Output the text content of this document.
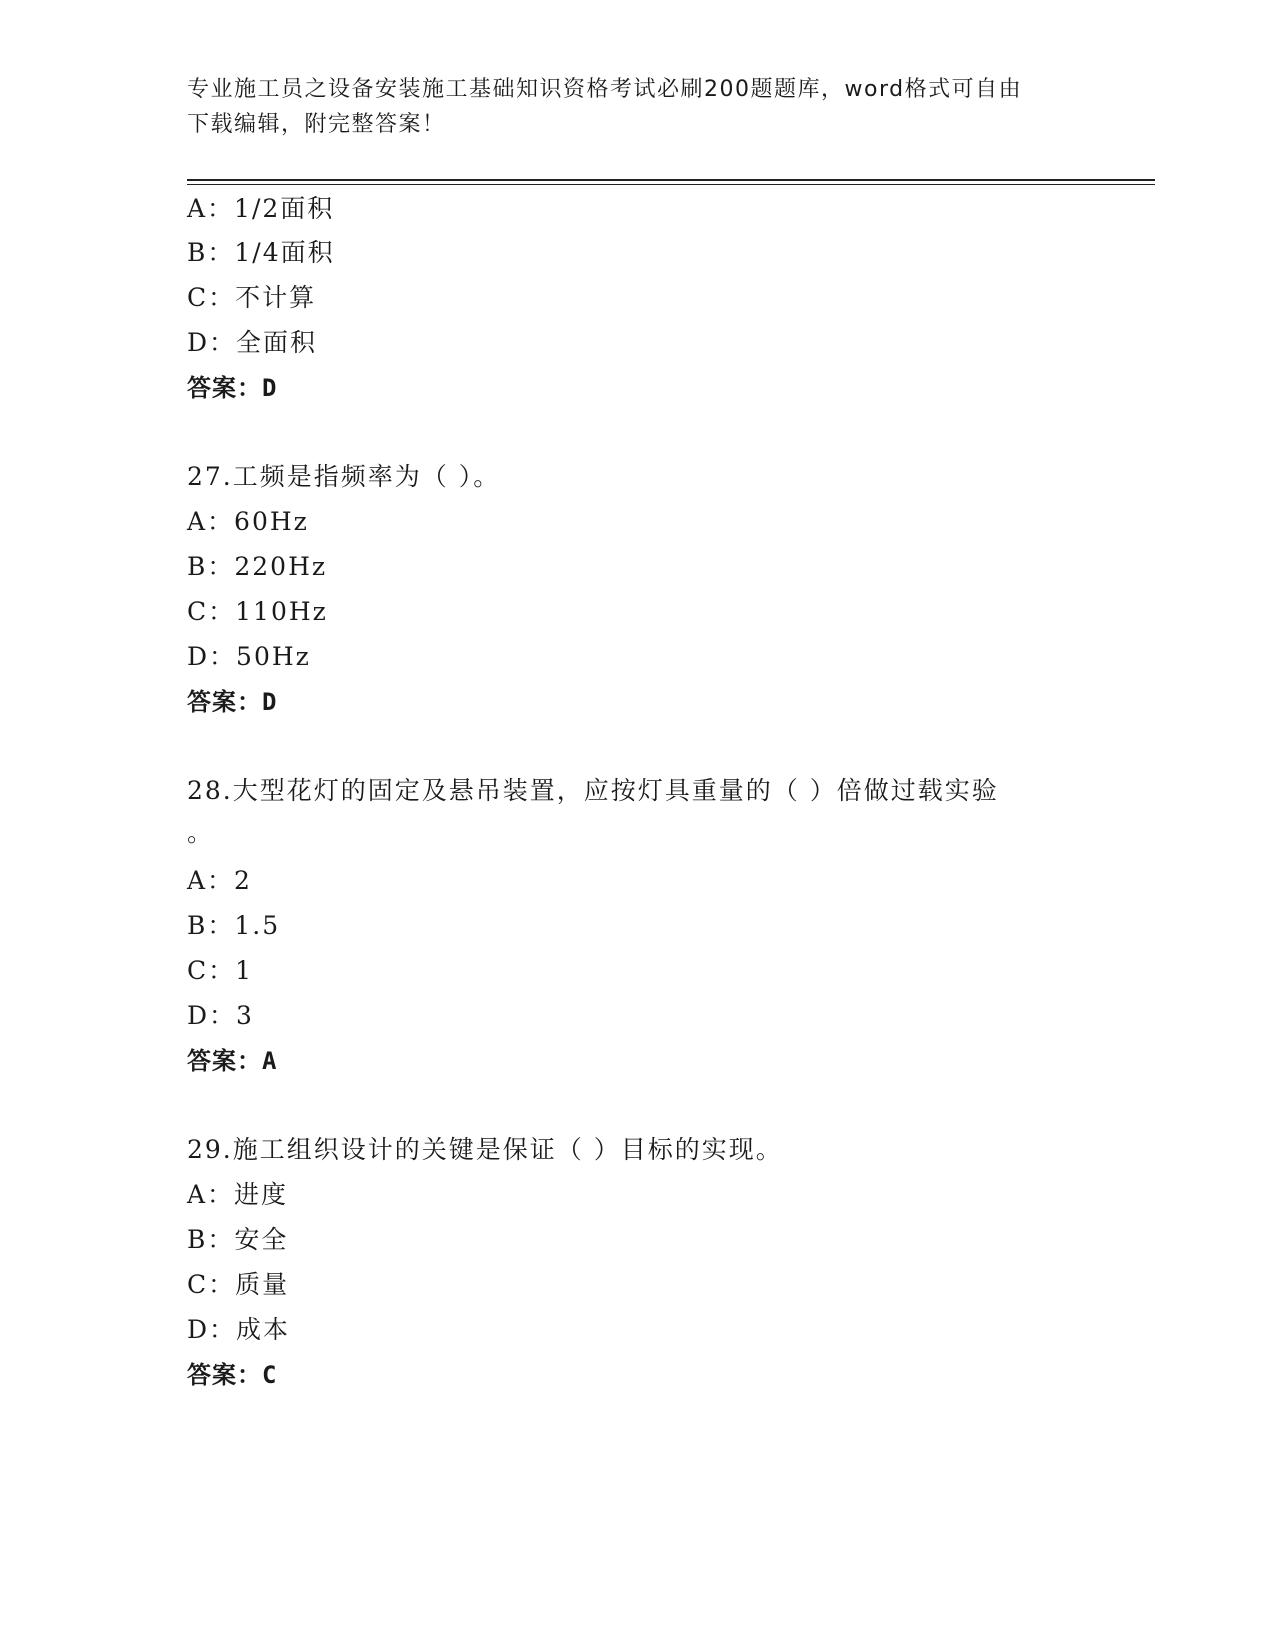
专业施工员之设备安装施工基础知识资格考试必刷200题题库，word格式可自由
下载编辑，附完整答案！
A：1/2面积
B：1/4面积
C：不计算
D：全面积
答案：D
27.工频是指频率为（ ）。
A：60Hz
B：220Hz
C：110Hz
D：50Hz
答案：D
28.大型花灯的固定及悬吊装置，应按灯具重量的（ ）倍做过载实验
。
A：2
B：1.5
C：1
D：3
答案：A
29.施工组织设计的关键是保证（ ）目标的实现。
A：进度
B：安全
C：质量
D：成本
答案：C
